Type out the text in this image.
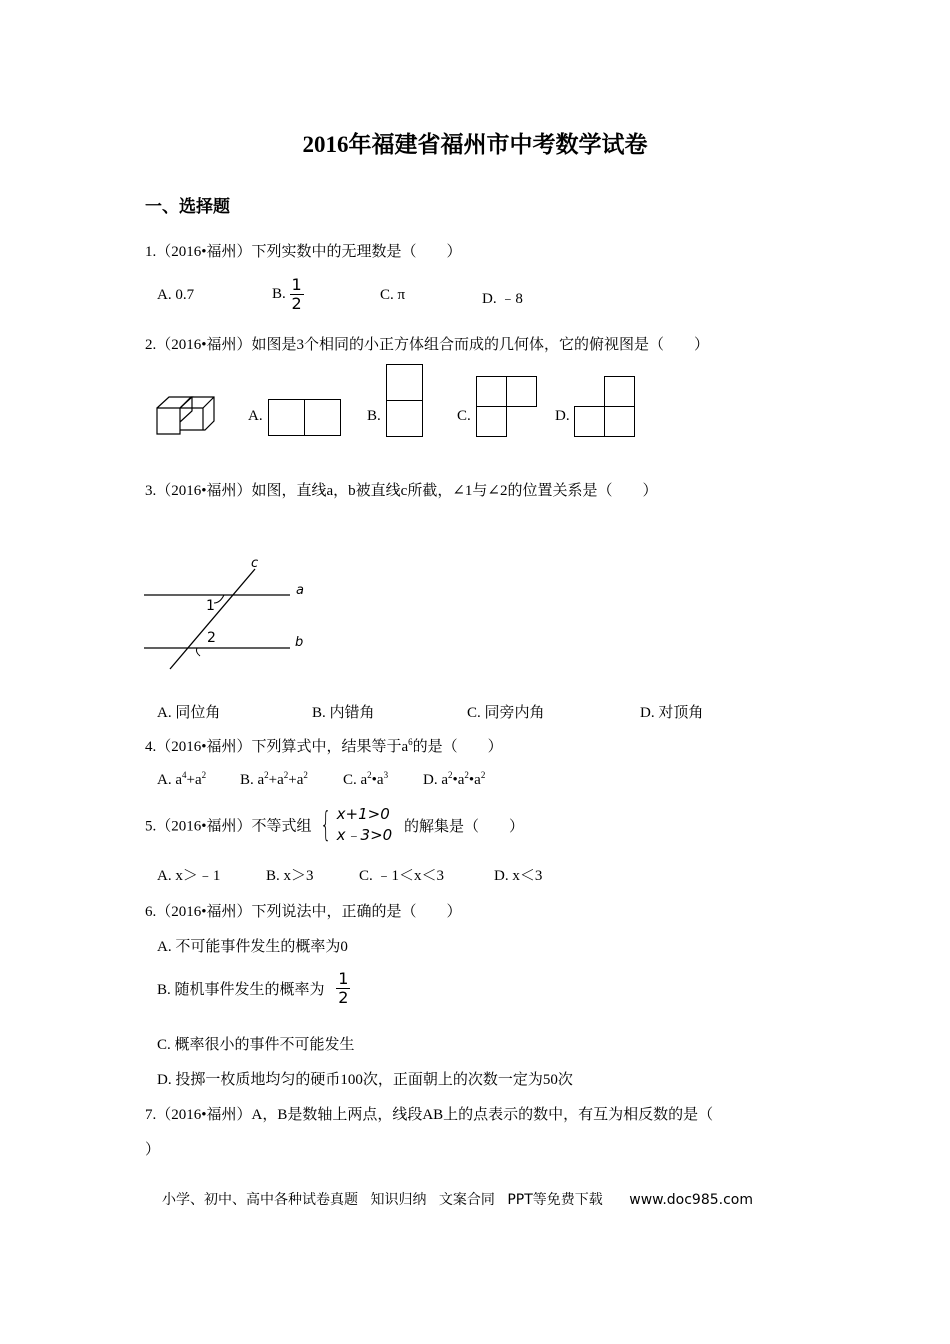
2016年福建省福州市中考数学试卷
一、选择题
1.（2016•福州）下列实数中的无理数是（　　）
A. 0.7	B. $\frac{1}{2}$	C. π	D. ﹣8
2.（2016•福州）如图是3个相同的小正方体组合而成的几何体，它的俯视图是（　　）
A.	B.	C.	D.
3.（2016•福州）如图，直线a，b被直线c所截，∠1与∠2的位置关系是（　　）
c
a
b
1
2
A. 同位角	B. 内错角	C. 同旁内角	D. 对顶角
4.（2016•福州）下列算式中，结果等于$a^6$的是（　　）
A. $a^4+a^2$ B. $a^2+a^2+a^2$ C. $a^2•a^3$ D. $a^2•a^2•a^2$
5.（2016•福州）不等式组 { x+1>0
x﹣3>0 的解集是（　　）
A. x＞﹣1	B. x＞3	C. ﹣1＜x＜3	D. x＜3
6.（2016•福州）下列说法中，正确的是（　　）
A. 不可能事件发生的概率为0
B. 随机事件发生的概率为 $\frac{1}{2}$
C. 概率很小的事件不可能发生
D. 投掷一枚质地均匀的硬币100次，正面朝上的次数一定为50次
7.（2016•福州）A，B是数轴上两点，线段AB上的点表示的数中，有互为相反数的是（
）
小学、初中、高中各种试卷真题 知识归纳 文案合同 PPT等免费下载 www.doc985.com
